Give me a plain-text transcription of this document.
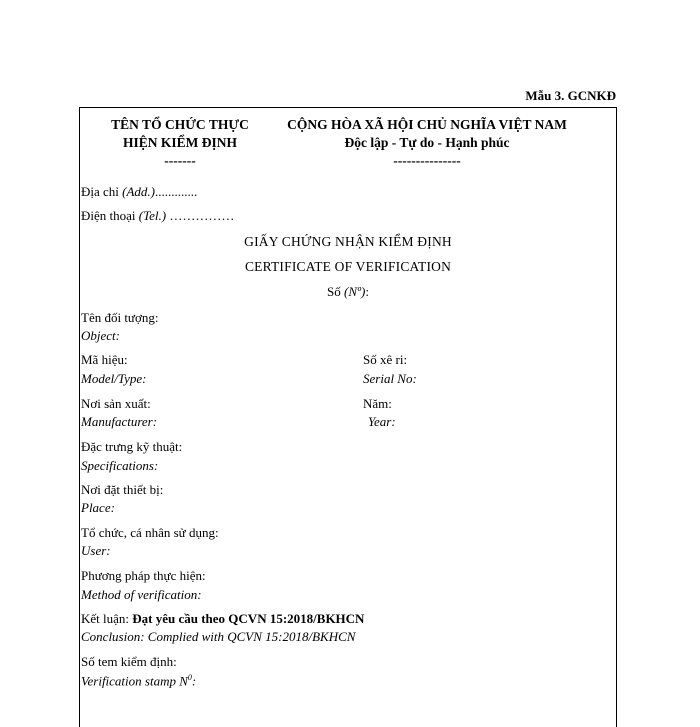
Mẫu 3. GCNKĐ
TÊN TỔ CHỨC THỰC
HIỆN KIỂM ĐỊNH
-------
CỘNG HÒA XÃ HỘI CHỦ NGHĨA VIỆT NAM
Độc lập - Tự do - Hạnh phúc
---------------
Địa chỉ (Add.).............
Điện thoại (Tel.) ……………
GIẤY CHỨNG NHẬN KIỂM ĐỊNH
CERTIFICATE OF VERIFICATION
Số (Nº):
Tên đối tượng:
Object:
Mã hiệu:
Model/Type:
Số xê ri:
Serial No:
Nơi sản xuất:
Manufacturer:
Năm:
Year:
Đặc trưng kỹ thuật:
Specifications:
Nơi đặt thiết bị:
Place:
Tổ chức, cá nhân sử dụng:
User:
Phương pháp thực hiện:
Method of verification:
Kết luận: Đạt yêu cầu theo QCVN 15:2018/BKHCN
Conclusion: Complied with QCVN 15:2018/BKHCN
Số tem kiểm định:
Verification stamp $N^0$:
